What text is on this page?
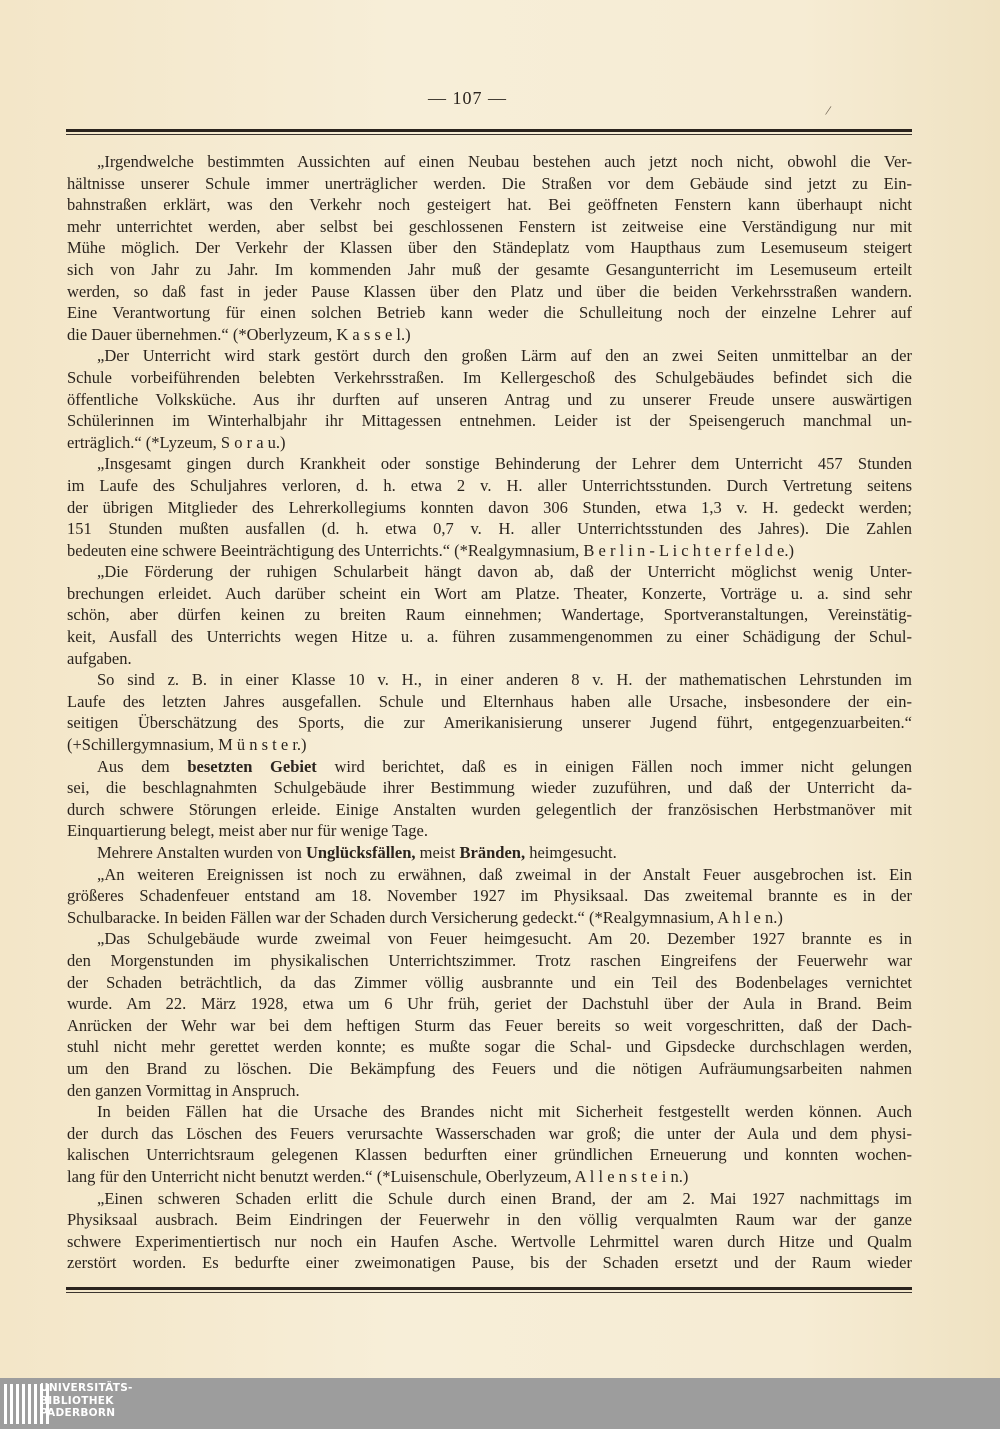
— 107 —
/
„Irgendwelche bestimmten Aussichten auf einen Neubau bestehen auch jetzt noch nicht, obwohl die Ver-
hältnisse unserer Schule immer unerträglicher werden. Die Straßen vor dem Gebäude sind jetzt zu Ein-
bahnstraßen erklärt, was den Verkehr noch gesteigert hat. Bei geöffneten Fenstern kann überhaupt nicht
mehr unterrichtet werden, aber selbst bei geschlossenen Fenstern ist zeitweise eine Verständigung nur mit
Mühe möglich. Der Verkehr der Klassen über den Ständeplatz vom Haupthaus zum Lesemuseum steigert
sich von Jahr zu Jahr. Im kommenden Jahr muß der gesamte Gesangunterricht im Lesemuseum erteilt
werden, so daß fast in jeder Pause Klassen über den Platz und über die beiden Verkehrsstraßen wandern.
Eine Verantwortung für einen solchen Betrieb kann weder die Schulleitung noch der einzelne Lehrer auf
die Dauer übernehmen.“ (*Oberlyzeum, K a s s e l.)
„Der Unterricht wird stark gestört durch den großen Lärm auf den an zwei Seiten unmittelbar an der
Schule vorbeiführenden belebten Verkehrsstraßen. Im Kellergeschoß des Schulgebäudes befindet sich die
öffentliche Volksküche. Aus ihr durften auf unseren Antrag und zu unserer Freude unsere auswärtigen
Schülerinnen im Winterhalbjahr ihr Mittagessen entnehmen. Leider ist der Speisengeruch manchmal un-
erträglich.“ (*Lyzeum, S o r a u.)
„Insgesamt gingen durch Krankheit oder sonstige Behinderung der Lehrer dem Unterricht 457 Stunden
im Laufe des Schuljahres verloren, d. h. etwa 2 v. H. aller Unterrichtsstunden. Durch Vertretung seitens
der übrigen Mitglieder des Lehrerkollegiums konnten davon 306 Stunden, etwa 1,3 v. H. gedeckt werden;
151 Stunden mußten ausfallen (d. h. etwa 0,7 v. H. aller Unterrichtsstunden des Jahres). Die Zahlen
bedeuten eine schwere Beeinträchtigung des Unterrichts.“ (*Realgymnasium, B e r l i n - L i c h t e r f e l d e.)
„Die Förderung der ruhigen Schularbeit hängt davon ab, daß der Unterricht möglichst wenig Unter-
brechungen erleidet. Auch darüber scheint ein Wort am Platze. Theater, Konzerte, Vorträge u. a. sind sehr
schön, aber dürfen keinen zu breiten Raum einnehmen; Wandertage, Sportveranstaltungen, Vereinstätig-
keit, Ausfall des Unterrichts wegen Hitze u. a. führen zusammengenommen zu einer Schädigung der Schul-
aufgaben.
So sind z. B. in einer Klasse 10 v. H., in einer anderen 8 v. H. der mathematischen Lehrstunden im
Laufe des letzten Jahres ausgefallen. Schule und Elternhaus haben alle Ursache, insbesondere der ein-
seitigen Überschätzung des Sports, die zur Amerikanisierung unserer Jugend führt, entgegenzuarbeiten.“
(+Schillergymnasium, M ü n s t e r.)
Aus dem besetzten Gebiet wird berichtet, daß es in einigen Fällen noch immer nicht gelungen
sei, die beschlagnahmten Schulgebäude ihrer Bestimmung wieder zuzuführen, und daß der Unterricht da-
durch schwere Störungen erleide. Einige Anstalten wurden gelegentlich der französischen Herbstmanöver mit
Einquartierung belegt, meist aber nur für wenige Tage.
Mehrere Anstalten wurden von Unglücksfällen, meist Bränden, heimgesucht.
„An weiteren Ereignissen ist noch zu erwähnen, daß zweimal in der Anstalt Feuer ausgebrochen ist. Ein
größeres Schadenfeuer entstand am 18. November 1927 im Physiksaal. Das zweitemal brannte es in der
Schulbaracke. In beiden Fällen war der Schaden durch Versicherung gedeckt.“ (*Realgymnasium, A h l e n.)
„Das Schulgebäude wurde zweimal von Feuer heimgesucht. Am 20. Dezember 1927 brannte es in
den Morgenstunden im physikalischen Unterrichtszimmer. Trotz raschen Eingreifens der Feuerwehr war
der Schaden beträchtlich, da das Zimmer völlig ausbrannte und ein Teil des Bodenbelages vernichtet
wurde. Am 22. März 1928, etwa um 6 Uhr früh, geriet der Dachstuhl über der Aula in Brand. Beim
Anrücken der Wehr war bei dem heftigen Sturm das Feuer bereits so weit vorgeschritten, daß der Dach-
stuhl nicht mehr gerettet werden konnte; es mußte sogar die Schal- und Gipsdecke durchschlagen werden,
um den Brand zu löschen. Die Bekämpfung des Feuers und die nötigen Aufräumungsarbeiten nahmen
den ganzen Vormittag in Anspruch.
In beiden Fällen hat die Ursache des Brandes nicht mit Sicherheit festgestellt werden können. Auch
der durch das Löschen des Feuers verursachte Wasserschaden war groß; die unter der Aula und dem physi-
kalischen Unterrichtsraum gelegenen Klassen bedurften einer gründlichen Erneuerung und konnten wochen-
lang für den Unterricht nicht benutzt werden.“ (*Luisenschule, Oberlyzeum, A l l e n s t e i n.)
„Einen schweren Schaden erlitt die Schule durch einen Brand, der am 2. Mai 1927 nachmittags im
Physiksaal ausbrach. Beim Eindringen der Feuerwehr in den völlig verqualmten Raum war der ganze
schwere Experimentiertisch nur noch ein Haufen Asche. Wertvolle Lehrmittel waren durch Hitze und Qualm
zerstört worden. Es bedurfte einer zweimonatigen Pause, bis der Schaden ersetzt und der Raum wieder
UNIVERSITÄTS-
BIBLIOTHEK
PADERBORN
